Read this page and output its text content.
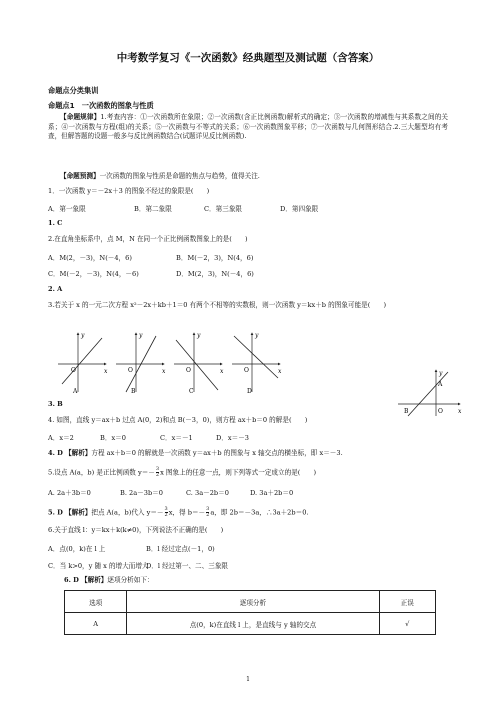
中考数学复习《一次函数》经典题型及测试题（含答案）
命题点分类集训
命题点1　一次函数的图象与性质
【命题规律】1.考查内容：①一次函数所在象限；②一次函数(含正比例函数)解析式的确定；③一次函数的增减性与其系数之间的关系；④一次函数与方程(组)的关系；⑤一次函数与不等式的关系；⑥一次函数图象平移；⑦一次函数与几何图形结合.2.三大题型均有考查，但解答题的设题一般多与反比例函数结合(试题详见反比例函数).
【命题预测】一次函数的图象与性质是命题的焦点与趋势，值得关注.
1．一次函数 y＝－2x＋3 的图象不经过的象限是(　　)
A．第一象限	B．第二象限	C．第三象限	D．第四象限
1. C
2.在直角坐标系中，点 M，N 在同一个正比例函数图象上的是(　　)
A．M(2，－3)，N(－4，6)	B．M(－2，3)，N(4，6)
C．M(－2，－3)，N(4，－6)	D．M(2，3)，N(－4，6)
2. A
3.若关于 x 的一元二次方程 x²－2x＋kb＋1＝0 有两个不相等的实数根，则一次函数 y＝kx＋b 的图象可能是(　　)
O	x
y
O	x
y
O	x
y
O	x
y
A	B	C	D
A
B	O	x
y
3. B
4. 如图，直线 y＝ax＋b 过点 A(0，2)和点 B(－3，0)，则方程 ax＋b＝0 的解是(　　)
A．x＝2	B．x＝0	C．x＝－1	D．x＝－3
4. D 【解析】方程 ax＋b＝0 的解就是一次函数 y＝ax＋b 的图象与 x 轴交点的横坐标，即 x＝－3.
5.设点 A(a，b) 是正比例函数 $y=- \frac{3}{2}$ x 图象上的任意一点，则下列等式一定成立的是(　　)
A. 2a＋3b＝0	B. 2a－3b＝0	C. 3a－2b＝0	D. 3a＋2b＝0
5. D 【解析】把点 A(a，b)代入 $y=- \frac{3}{2}$ x，得 $b=- \frac{3}{2}$ a，即 2b＝－3a，∴3a＋2b＝0.
6.关于直线 l：y＝kx＋k(k≠0)，下列说法不正确的是(　　)
A．点(0，k)在 l 上	B．l 经过定点(－1，0)
C．当 k>0，y 随 x 的增大而增大
D．l 经过第一、二、三象限
6. D 【解析】逐项分析如下：
选项	逐项分析	正误
A	点(0，k)在直线 l 上，是直线与 y 轴的交点	√
1
